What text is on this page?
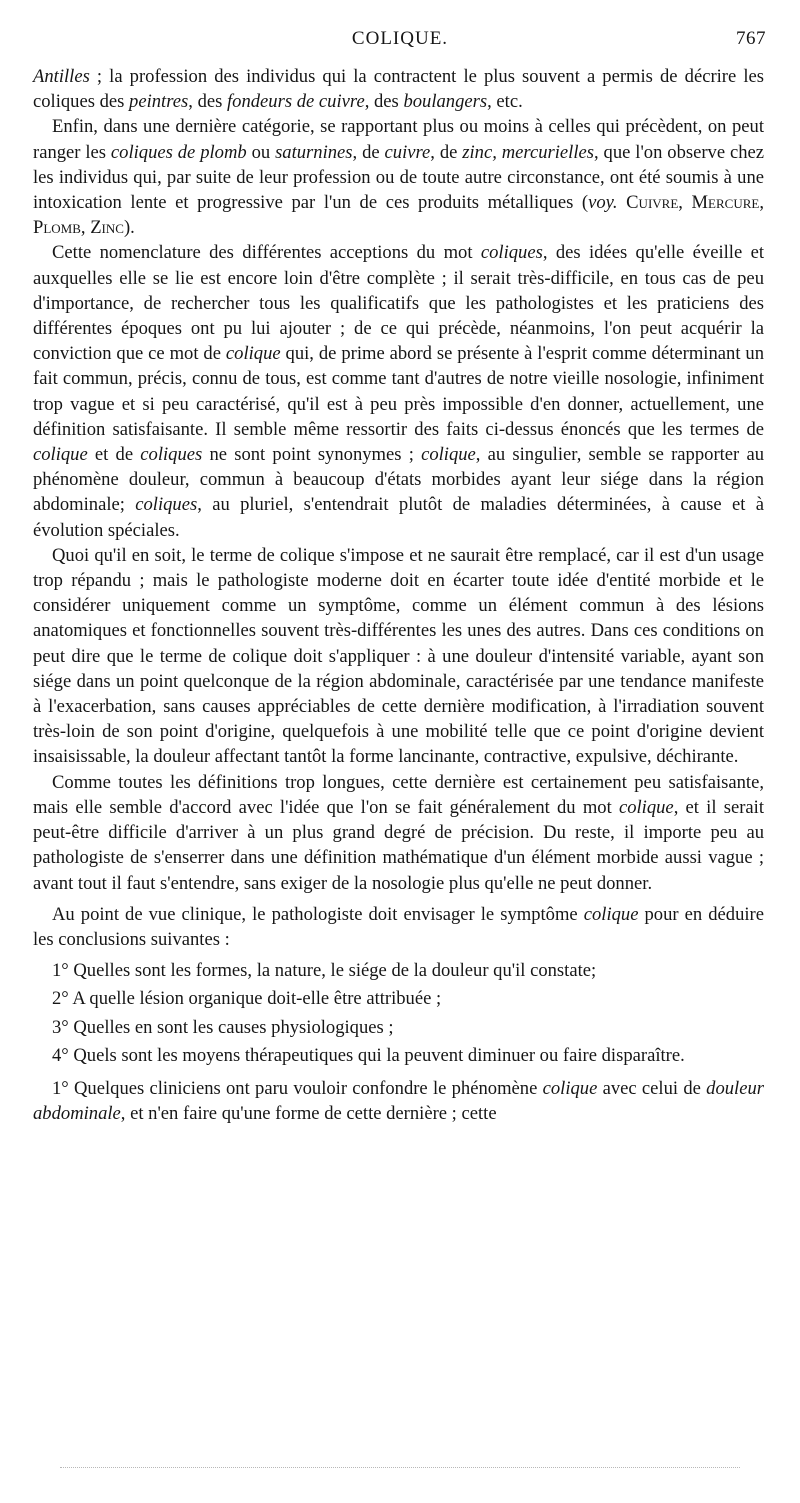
COLIQUE.	767

Antilles ; la profession des individus qui la contractent le plus souvent a permis de décrire les coliques des peintres, des fondeurs de cuivre, des boulangers, etc.

Enfin, dans une dernière catégorie, se rapportant plus ou moins à celles qui précèdent, on peut ranger les coliques de plomb ou saturnines, de cuivre, de zinc, mercurielles, que l'on observe chez les individus qui, par suite de leur profession ou de toute autre circonstance, ont été soumis à une intoxication lente et progressive par l'un de ces produits métalliques (voy. Cuivre, Mercure, Plomb, Zinc).

Cette nomenclature des différentes acceptions du mot coliques, des idées qu'elle éveille et auxquelles elle se lie est encore loin d'être complète ; il serait très-difficile, en tous cas de peu d'importance, de rechercher tous les qualificatifs que les pathologistes et les praticiens des différentes époques ont pu lui ajouter ; de ce qui précède, néanmoins, l'on peut acquérir la conviction que ce mot de colique qui, de prime abord se présente à l'esprit comme déterminant un fait commun, précis, connu de tous, est comme tant d'autres de notre vieille nosologie, infiniment trop vague et si peu caractérisé, qu'il est à peu près impossible d'en donner, actuellement, une définition satisfaisante. Il semble même ressortir des faits ci-dessus énoncés que les termes de colique et de coliques ne sont point synonymes ; colique, au singulier, semble se rapporter au phénomène douleur, commun à beaucoup d'états morbides ayant leur siége dans la région abdominale; coliques, au pluriel, s'entendrait plutôt de maladies déterminées, à cause et à évolution spéciales.

Quoi qu'il en soit, le terme de colique s'impose et ne saurait être remplacé, car il est d'un usage trop répandu ; mais le pathologiste moderne doit en écarter toute idée d'entité morbide et le considérer uniquement comme un symptôme, comme un élément commun à des lésions anatomiques et fonctionnelles souvent très-différentes les unes des autres. Dans ces conditions on peut dire que le terme de colique doit s'appliquer : à une douleur d'intensité variable, ayant son siége dans un point quelconque de la région abdominale, caractérisée par une tendance manifeste à l'exacerbation, sans causes appréciables de cette dernière modification, à l'irradiation souvent très-loin de son point d'origine, quelquefois à une mobilité telle que ce point d'origine devient insaisissable, la douleur affectant tantôt la forme lancinante, contractive, expulsive, déchirante.

Comme toutes les définitions trop longues, cette dernière est certainement peu satisfaisante, mais elle semble d'accord avec l'idée que l'on se fait généralement du mot colique, et il serait peut-être difficile d'arriver à un plus grand degré de précision. Du reste, il importe peu au pathologiste de s'enserrer dans une définition mathématique d'un élément morbide aussi vague ; avant tout il faut s'entendre, sans exiger de la nosologie plus qu'elle ne peut donner.

Au point de vue clinique, le pathologiste doit envisager le symptôme colique pour en déduire les conclusions suivantes :

1° Quelles sont les formes, la nature, le siége de la douleur qu'il constate;

2° A quelle lésion organique doit-elle être attribuée ;

3° Quelles en sont les causes physiologiques ;

4° Quels sont les moyens thérapeutiques qui la peuvent diminuer ou faire disparaître.

1° Quelques cliniciens ont paru vouloir confondre le phénomène colique avec celui de douleur abdominale, et n'en faire qu'une forme de cette dernière ; cette
